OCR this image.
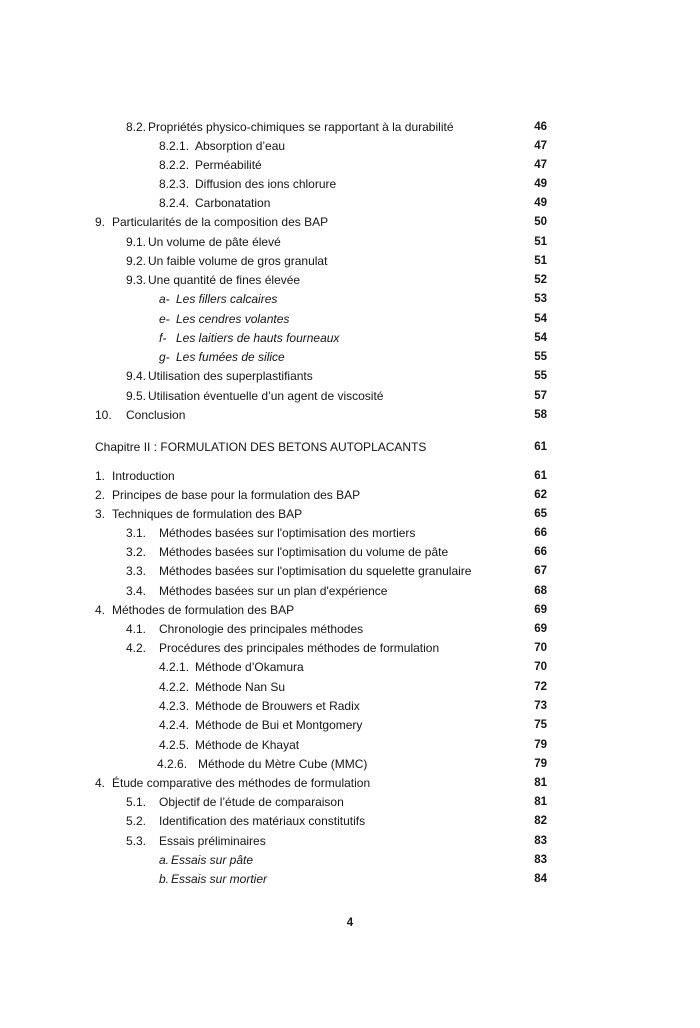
8.2. Propriétés physico-chimiques se rapportant à la durabilité	46
8.2.1. Absorption d’eau	47
8.2.2. Perméabilité	47
8.2.3. Diffusion des ions chlorure	49
8.2.4. Carbonatation	49
9. Particularités de la composition des BAP	50
9.1. Un volume de pâte élevé	51
9.2. Un faible volume de gros granulat	51
9.3. Une quantité de fines élevée	52
a- Les fillers calcaires	53
e- Les cendres volantes	54
f- Les laitiers de hauts fourneaux	54
g- Les fumées de silice	55
9.4. Utilisation des superplastifiants	55
9.5. Utilisation éventuelle d’un agent de viscosité	57
10. Conclusion	58
Chapitre II : FORMULATION DES BETONS AUTOPLACANTS	61
1. Introduction	61
2. Principes de base pour la formulation des BAP	62
3. Techniques de formulation des BAP	65
3.1. Méthodes basées sur l'optimisation des mortiers	66
3.2. Méthodes basées sur l'optimisation du volume de pâte	66
3.3. Méthodes basées sur l'optimisation du squelette granulaire	67
3.4. Méthodes basées sur un plan d'expérience	68
4. Méthodes de formulation des BAP	69
4.1. Chronologie des principales méthodes	69
4.2. Procédures des principales méthodes de formulation	70
4.2.1. Méthode d’Okamura	70
4.2.2. Méthode Nan Su	72
4.2.3. Méthode de Brouwers et Radix	73
4.2.4. Méthode de Bui et Montgomery	75
4.2.5. Méthode de Khayat	79
4.2.6. Méthode du Mètre Cube (MMC)	79
4. Étude comparative des méthodes de formulation	81
5.1. Objectif de l’étude de comparaison	81
5.2. Identification des matériaux constitutifs	82
5.3. Essais préliminaires	83
a. Essais sur pâte	83
b. Essais sur mortier	84
4
